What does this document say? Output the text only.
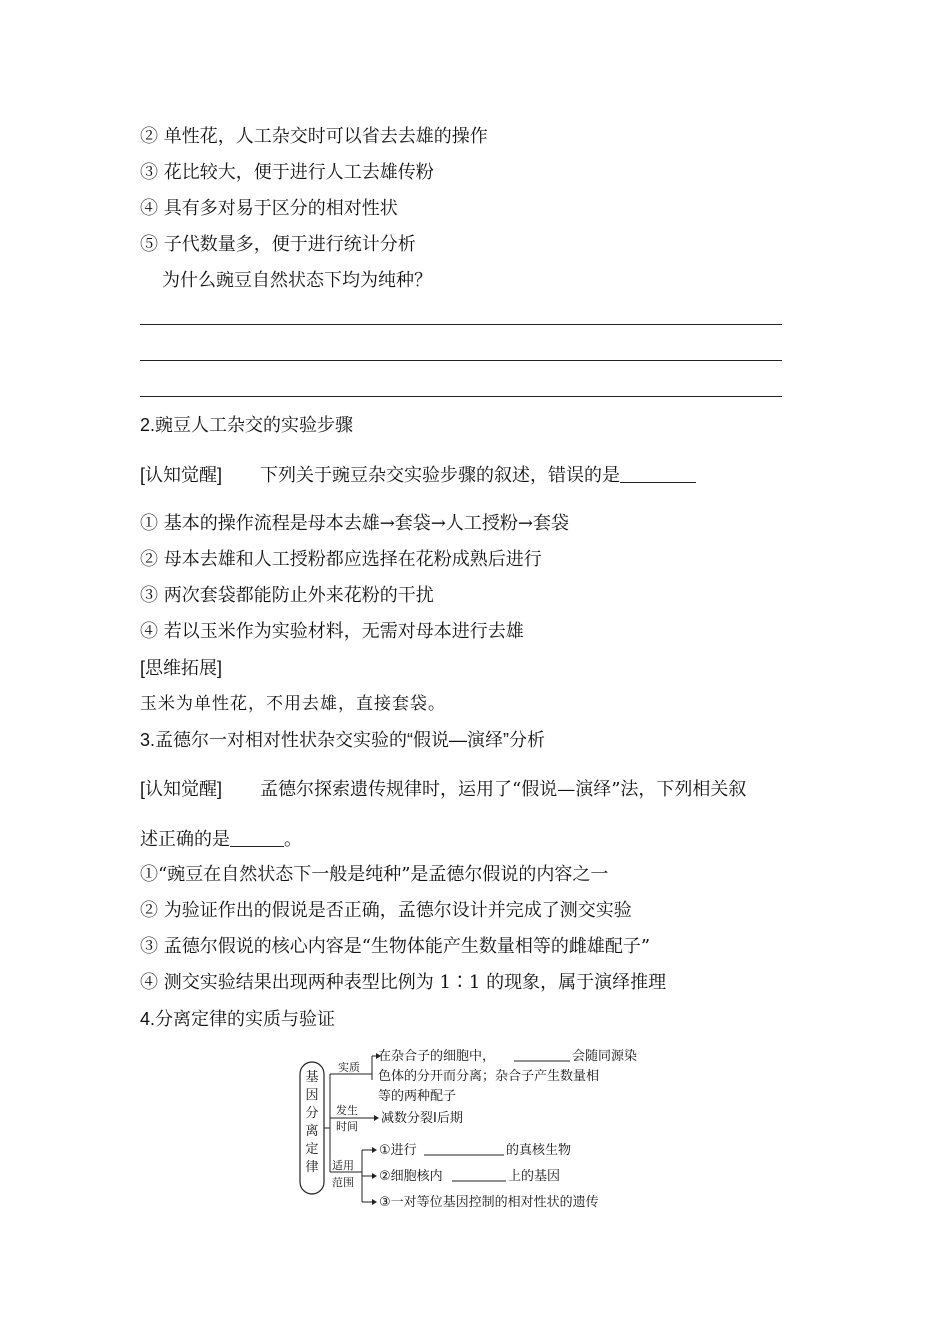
② 单性花，人工杂交时可以省去去雄的操作
③ 花比较大，便于进行人工去雄传粉
④ 具有多对易于区分的相对性状
⑤ 子代数量多，便于进行统计分析
为什么豌豆自然状态下均为纯种？
2.豌豆人工杂交的实验步骤
[认知觉醒] 下列关于豌豆杂交实验步骤的叙述，错误的是
① 基本的操作流程是母本去雄→套袋→人工授粉→套袋
② 母本去雄和人工授粉都应选择在花粉成熟后进行
③ 两次套袋都能防止外来花粉的干扰
④ 若以玉米作为实验材料，无需对母本进行去雄
[思维拓展]
玉米为单性花，不用去雄，直接套袋。
3.孟德尔一对相对性状杂交实验的“假说—演绎”分析
[认知觉醒] 孟德尔探索遗传规律时，运用了“假说—演绎”法，下列相关叙
述正确的是	。
①“豌豆在自然状态下一般是纯种”是孟德尔假说的内容之一
② 为验证作出的假说是否正确，孟德尔设计并完成了测交实验
③ 孟德尔假说的核心内容是“生物体能产生数量相等的雌雄配子”
④ 测交实验结果出现两种表型比例为 1∶1 的现象，属于演绎推理
4.分离定律的实质与验证
基
因
分
离
定
律
实质
发生
时间
适用
范围
在杂合子的细胞中，	会随同源染
色体的分开而分离；杂合子产生数量相
等的两种配子
减数分裂Ⅰ后期
①进行	的真核生物
②细胞核内	上的基因
③一对等位基因控制的相对性状的遗传
